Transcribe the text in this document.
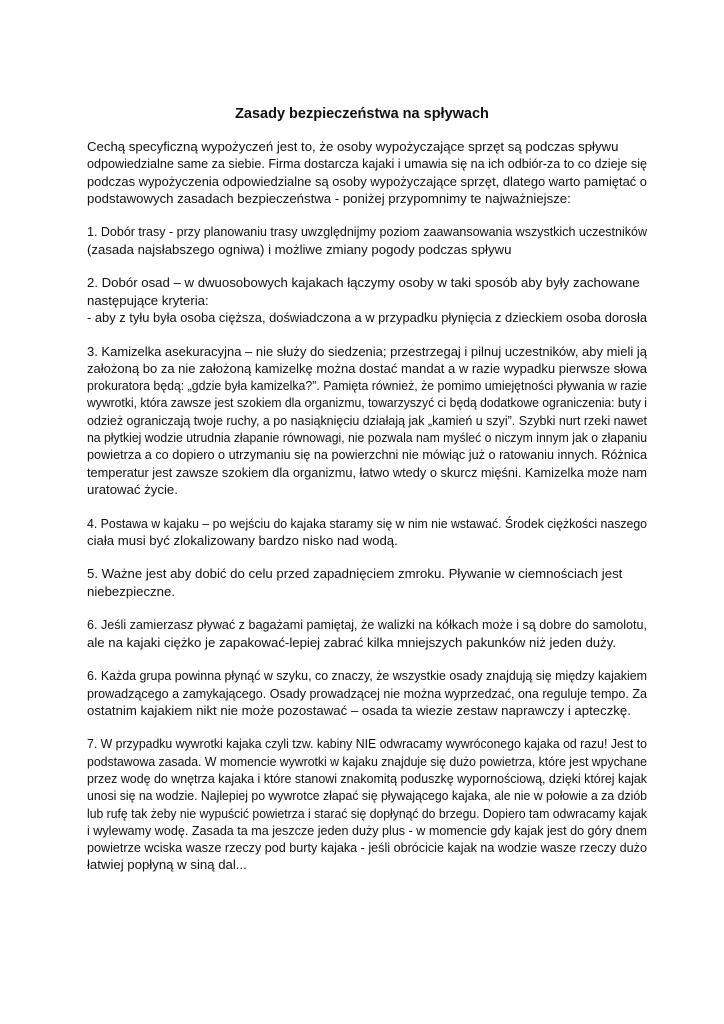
Zasady bezpieczeństwa na spływach
Cechą specyficzną wypożyczeń jest to, że osoby wypożyczające sprzęt są podczas spływu
odpowiedzialne same za siebie. Firma dostarcza kajaki i umawia się na ich odbiór-za to co dzieje się
podczas wypożyczenia odpowiedzialne są osoby wypożyczające sprzęt, dlatego warto pamiętać o
podstawowych zasadach bezpieczeństwa - poniżej przypomnimy te najważniejsze:
1. Dobór trasy - przy planowaniu trasy uwzględnijmy poziom zaawansowania wszystkich uczestników
(zasada najsłabszego ogniwa) i możliwe zmiany pogody podczas spływu
2. Dobór osad – w dwuosobowych kajakach łączymy osoby w taki sposób aby były zachowane
następujące kryteria:
- aby z tyłu była osoba cięższa, doświadczona a w przypadku płynięcia z dzieckiem osoba dorosła
3. Kamizelka asekuracyjna – nie służy do siedzenia; przestrzegaj i pilnuj uczestników, aby mieli ją
założoną bo za nie założoną kamizelkę można dostać mandat a w razie wypadku pierwsze słowa
prokuratora będą: „gdzie była kamizelka?”. Pamięta również, że pomimo umiejętności pływania w razie
wywrotki, która zawsze jest szokiem dla organizmu, towarzyszyć ci będą dodatkowe ograniczenia: buty i
odzież ograniczają twoje ruchy, a po nasiąknięciu działają jak „kamień u szyi”. Szybki nurt rzeki nawet
na płytkiej wodzie utrudnia złapanie równowagi, nie pozwala nam myśleć o niczym innym jak o złapaniu
powietrza a co dopiero o utrzymaniu się na powierzchni nie mówiąc już o ratowaniu innych. Różnica
temperatur jest zawsze szokiem dla organizmu, łatwo wtedy o skurcz mięśni. Kamizelka może nam
uratować życie.
4. Postawa w kajaku – po wejściu do kajaka staramy się w nim nie wstawać. Środek ciężkości naszego
ciała musi być zlokalizowany bardzo nisko nad wodą.
5. Ważne jest aby dobić do celu przed zapadnięciem zmroku. Pływanie w ciemnościach jest
niebezpieczne.
6. Jeśli zamierzasz pływać z bagażami pamiętaj, że walizki na kółkach może i są dobre do samolotu,
ale na kajaki ciężko je zapakować-lepiej zabrać kilka mniejszych pakunków niż jeden duży.
6. Każda grupa powinna płynąć w szyku, co znaczy, że wszystkie osady znajdują się między kajakiem
prowadzącego a zamykającego. Osady prowadzącej nie można wyprzedzać, ona reguluje tempo. Za
ostatnim kajakiem nikt nie może pozostawać – osada ta wiezie zestaw naprawczy i apteczkę.
7. W przypadku wywrotki kajaka czyli tzw. kabiny NIE odwracamy wywróconego kajaka od razu! Jest to
podstawowa zasada. W momencie wywrotki w kajaku znajduje się dużo powietrza, które jest wpychane
przez wodę do wnętrza kajaka i które stanowi znakomitą poduszkę wypornościową, dzięki której kajak
unosi się na wodzie. Najlepiej po wywrotce złapać się pływającego kajaka, ale nie w połowie a za dziób
lub rufę tak żeby nie wypuścić powietrza i starać się dopłynąć do brzegu. Dopiero tam odwracamy kajak
i wylewamy wodę. Zasada ta ma jeszcze jeden duży plus - w momencie gdy kajak jest do góry dnem
powietrze wciska wasze rzeczy pod burty kajaka - jeśli obrócicie kajak na wodzie wasze rzeczy dużo
łatwiej popłyną w siną dal...
